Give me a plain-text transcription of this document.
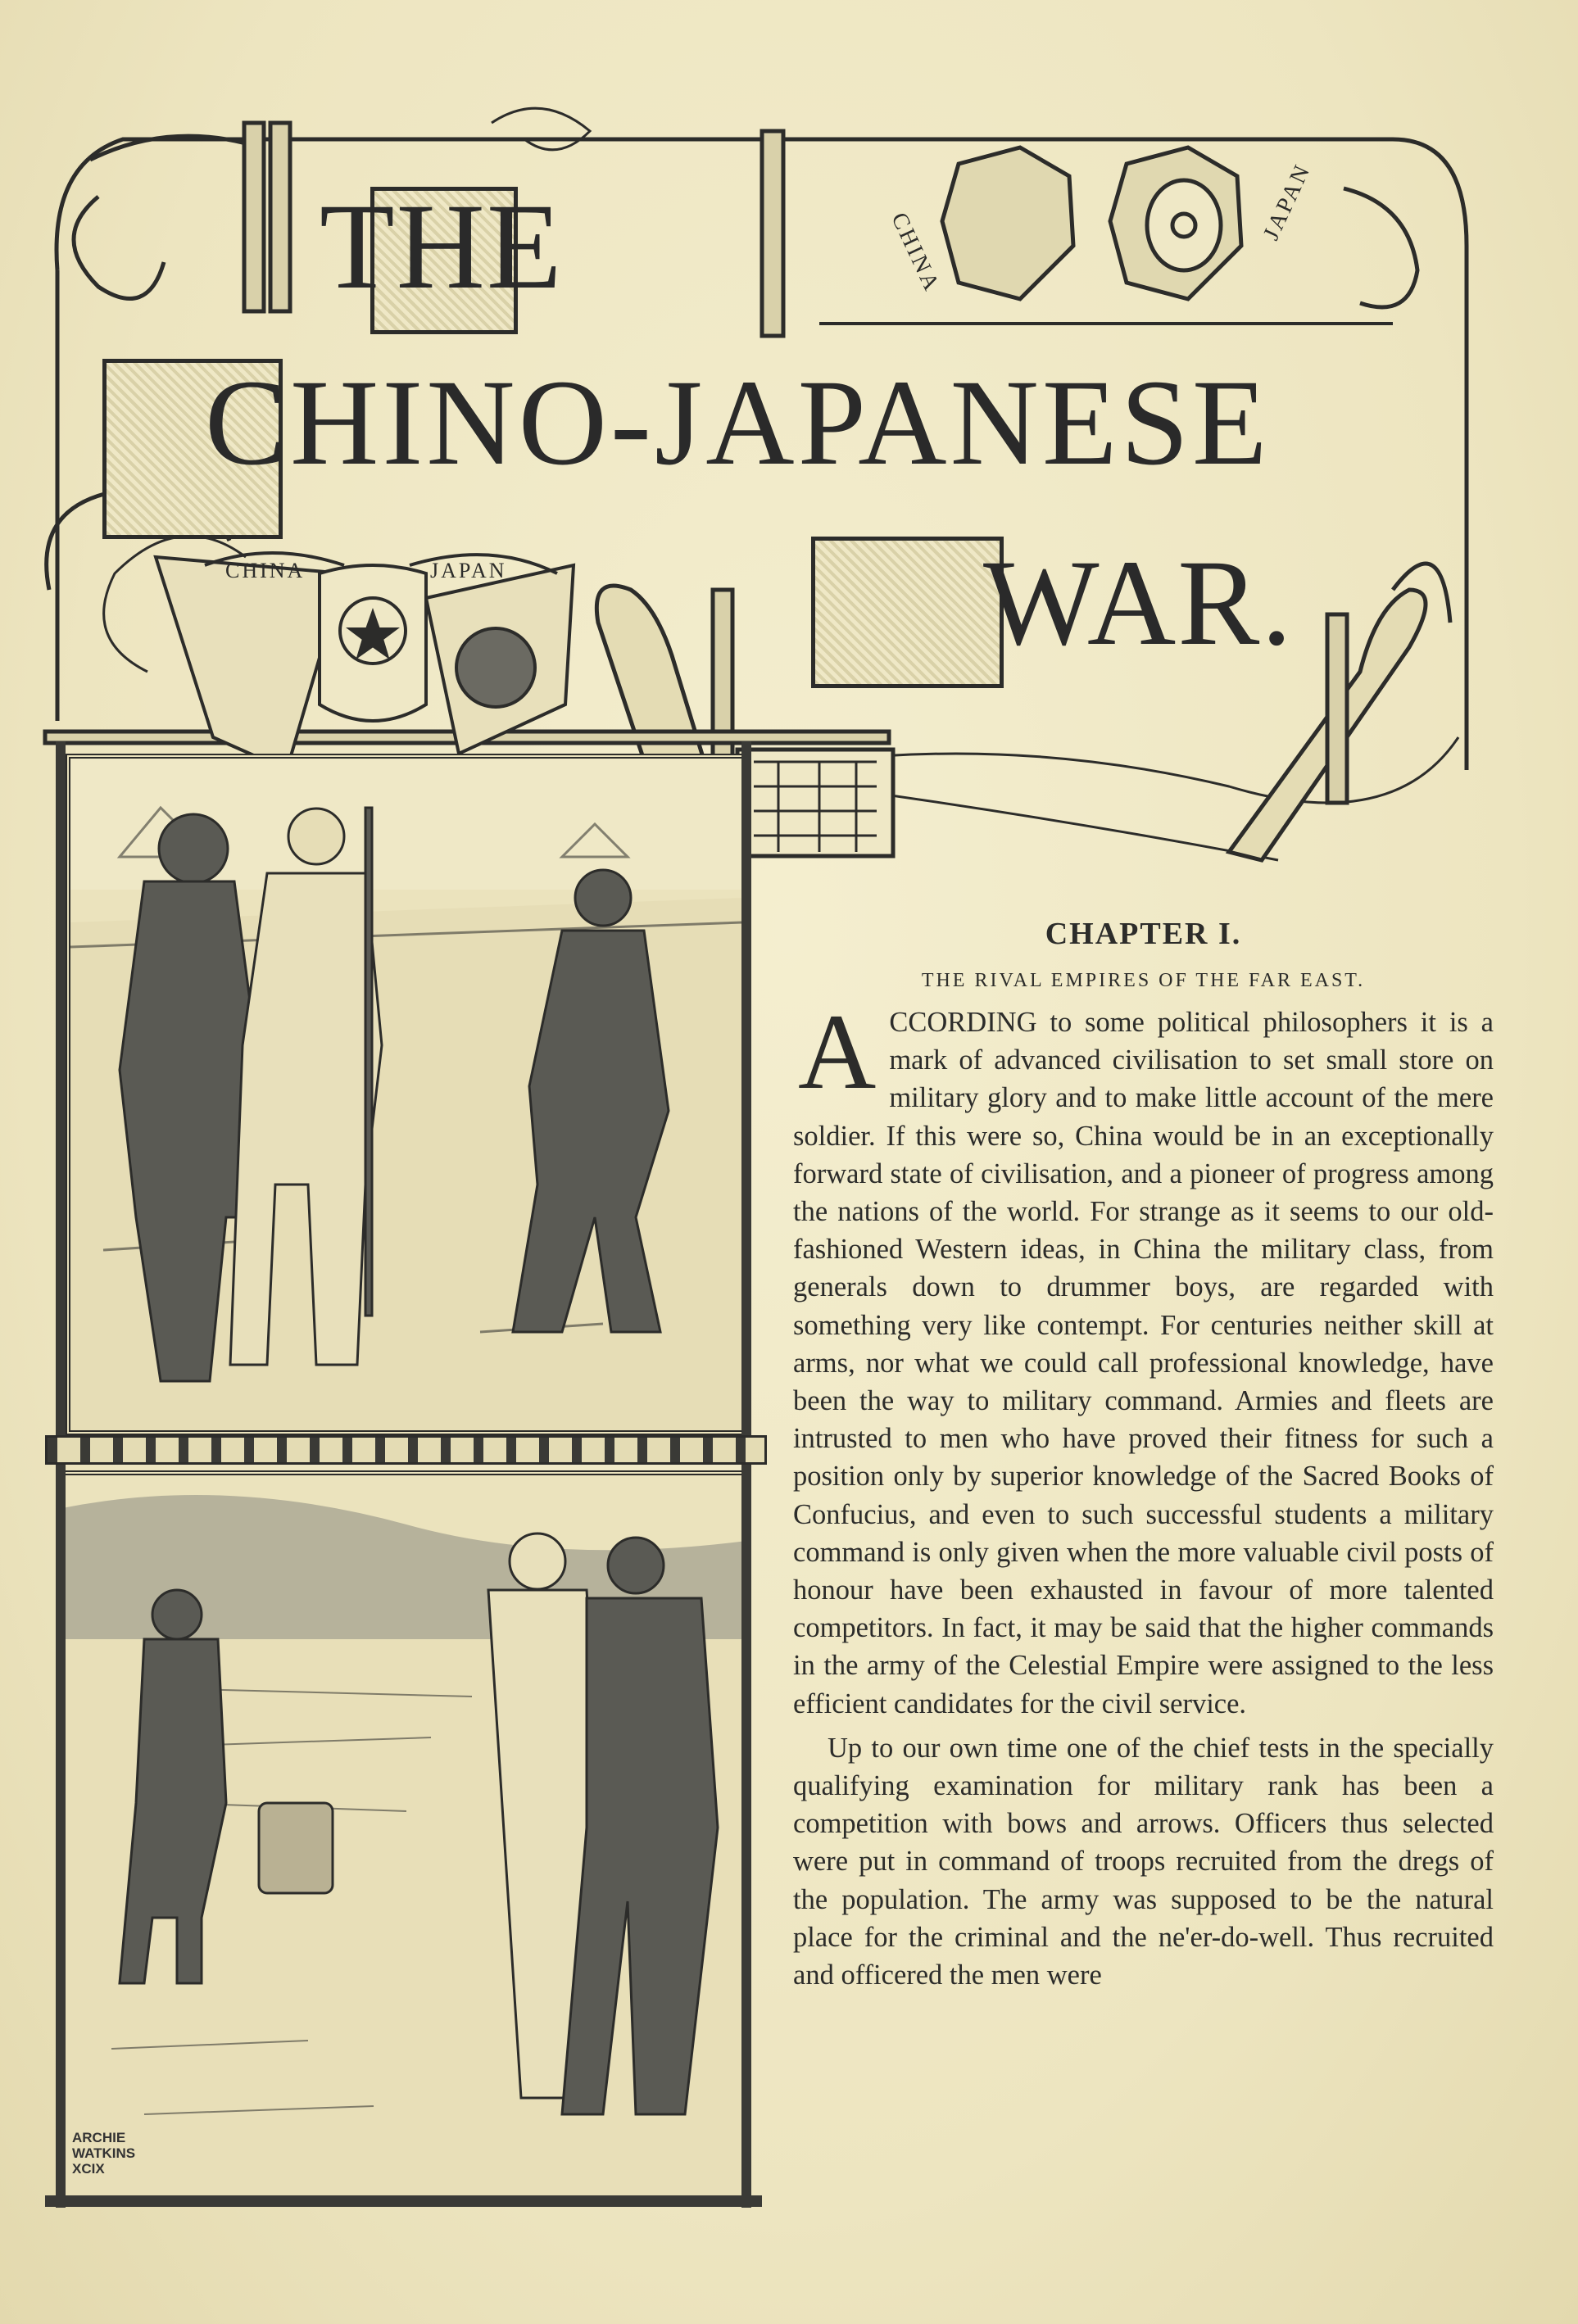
CHINA	JAPAN
CHINA
JAPAN
THE
CHINO-JAPANESE
WAR.
ARCHIE
WATKINS
XCIX
CHAPTER I.
THE RIVAL EMPIRES OF THE FAR EAST.

ACCORDING to some political philosophers it is a mark of advanced civilisation to set small store on military glory and to make little account of the mere soldier. If this were so, China would be in an exceptionally forward state of civilisation, and a pioneer of progress among the nations of the world. For strange as it seems to our old-fashioned Western ideas, in China the military class, from generals down to drummer boys, are regarded with something very like contempt. For centuries neither skill at arms, nor what we could call professional knowledge, have been the way to military command. Armies and fleets are intrusted to men who have proved their fitness for such a position only by superior knowledge of the Sacred Books of Confucius, and even to such successful students a military command is only given when the more valuable civil posts of honour have been exhausted in favour of more talented competitors. In fact, it may be said that the higher commands in the army of the Celestial Empire were assigned to the less efficient candidates for the civil service.

Up to our own time one of the chief tests in the specially qualifying examination for military rank has been a competition with bows and arrows. Officers thus selected were put in command of troops recruited from the dregs of the population. The army was supposed to be the natural place for the criminal and the ne'er-do-well. Thus recruited and officered the men were
